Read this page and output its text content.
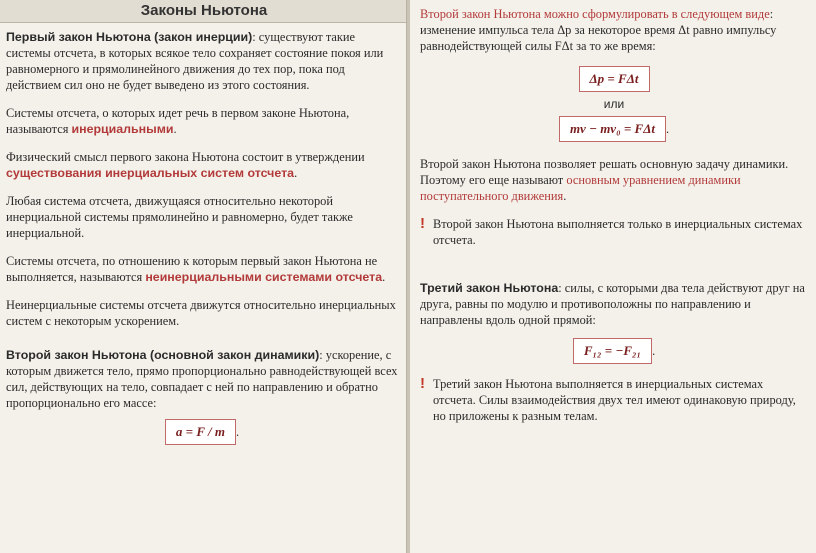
Законы Ньютона

Первый закон Ньютона (закон инерции): существуют такие системы отсчета, в которых всякое тело сохраняет состояние покоя или равномерного и прямолинейного движения до тех пор, пока под действием сил оно не будет выведено из этого состояния.

Системы отсчета, о которых идет речь в первом законе Ньютона, называются инерциальными.

Физический смысл первого закона Ньютона состоит в утверждении существования инерциальных систем отсчета.

Любая система отсчета, движущаяся относительно некоторой инерциальной системы прямолинейно и равномерно, будет также инерциальной.

Системы отсчета, по отношению к которым первый закон Ньютона не выполняется, называются неинерциальными системами отсчета.

Неинерциальные системы отсчета движутся относительно инерциальных систем с некоторым ускорением.

Второй закон Ньютона (основной закон динамики): ускорение, с которым движется тело, прямо пропорционально равнодействующей всех сил, действующих на тело, совпадает с ней по направлению и обратно пропорционально его массе:

a = F / m .

Второй закон Ньютона можно сформулировать в следующем виде: изменение импульса тела Δp за некоторое время Δt равно импульсу равнодействующей силы FΔt за то же время:

Δp = FΔt
или
mv − mv₀ = FΔt .

Второй закон Ньютона позволяет решать основную задачу динамики. Поэтому его еще называют основным уравнением динамики поступательного движения.

! Второй закон Ньютона выполняется только в инерциальных системах отсчета.

Третий закон Ньютона: силы, с которыми два тела действуют друг на друга, равны по модулю и противоположны по направлению и направлены вдоль одной прямой:

F₁₂ = −F₂₁ .
! Третий закон Ньютона выполняется в инерциальных системах отсчета. Силы взаимодействия двух тел имеют одинаковую природу, но приложены к разным телам.
